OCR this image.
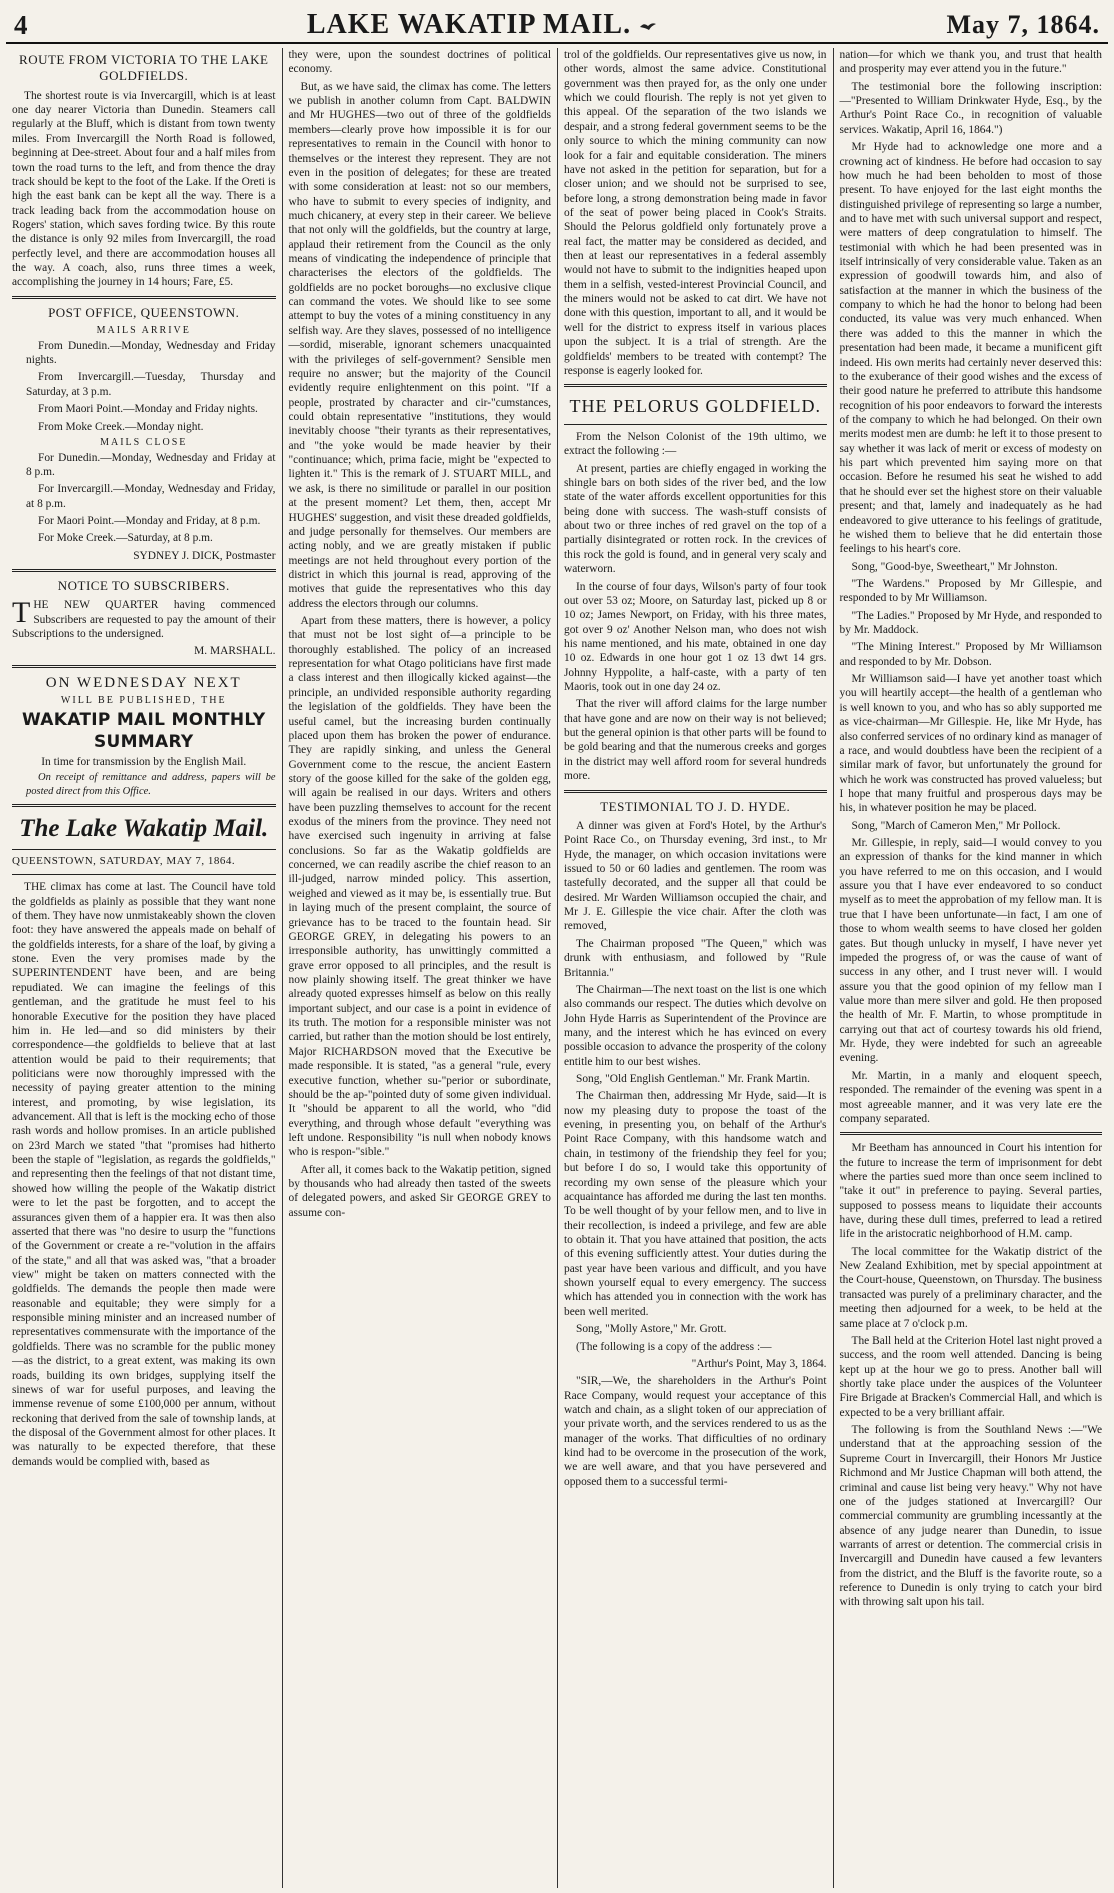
4	LAKE WAKATIP MAIL.	May 7, 1864.
ROUTE FROM VICTORIA TO THE LAKE GOLDFIELDS.

The shortest route is via Invercargill, which is at least one day nearer Victoria than Dunedin. Steamers call regularly at the Bluff, which is distant from town twenty miles. From Invercargill the North Road is followed, beginning at Dee-street. About four and a half miles from town the road turns to the left, and from thence the dray track should be kept to the foot of the Lake. If the Oreti is high the east bank can be kept all the way. There is a track leading back from the accommodation house on Rogers' station, which saves fording twice. By this route the distance is only 92 miles from Invercargill, the road perfectly level, and there are accommodation houses all the way. A coach, also, runs three times a week, accomplishing the journey in 14 hours; Fare, £5.

POST OFFICE, QUEENSTOWN.
MAILS ARRIVE

From Dunedin.—Monday, Wednesday and Friday nights.

From Invercargill.—Tuesday, Thursday and Saturday, at 3 p.m.

From Maori Point.—Monday and Friday nights.

From Moke Creek.—Monday night.

MAILS CLOSE

For Dunedin.—Monday, Wednesday and Friday at 8 p.m.

For Invercargill.—Monday, Wednesday and Friday, at 8 p.m.

For Maori Point.—Monday and Friday, at 8 p.m.

For Moke Creek.—Saturday, at 8 p.m.

SYDNEY J. DICK, Postmaster
NOTICE TO SUBSCRIBERS.

THE NEW QUARTER having commenced Subscribers are requested to pay the amount of their Subscriptions to the undersigned.

M. MARSHALL.
ON WEDNESDAY NEXT
WILL BE PUBLISHED, THE
WAKATIP MAIL MONTHLY SUMMARY
In time for transmission by the English Mail.

On receipt of remittance and address, papers will be posted direct from this Office.

The Lake Wakatip Mail.
QUEENSTOWN, SATURDAY, MAY 7, 1864.

THE climax has come at last. The Council have told the goldfields as plainly as possible that they want none of them. They have now unmistakeably shown the cloven foot: they have answered the appeals made on behalf of the goldfields interests, for a share of the loaf, by giving a stone. Even the very promises made by the SUPERINTENDENT have been, and are being repudiated. We can imagine the feelings of this gentleman, and the gratitude he must feel to his honorable Executive for the position they have placed him in. He led—and so did ministers by their correspondence—the goldfields to believe that at last attention would be paid to their requirements; that politicians were now thoroughly impressed with the necessity of paying greater attention to the mining interest, and promoting, by wise legislation, its advancement. All that is left is the mocking echo of those rash words and hollow promises. In an article published on 23rd March we stated "that "promises had hitherto been the staple of "legislation, as regards the goldfields," and representing then the feelings of that not distant time, showed how willing the people of the Wakatip district were to let the past be forgotten, and to accept the assurances given them of a happier era. It was then also asserted that there was "no desire to usurp the "functions of the Government or create a re-"volution in the affairs of the state," and all that was asked was, "that a broader view" might be taken on matters connected with the goldfields. The demands the people then made were reasonable and equitable; they were simply for a responsible mining minister and an increased number of representatives commensurate with the importance of the goldfields. There was no scramble for the public money—as the district, to a great extent, was making its own roads, building its own bridges, supplying itself the sinews of war for useful purposes, and leaving the immense revenue of some £100,000 per annum, without reckoning that derived from the sale of township lands, at the disposal of the Government almost for other places. It was naturally to be expected therefore, that these demands would be complied with, based as

they were, upon the soundest doctrines of political economy.

But, as we have said, the climax has come. The letters we publish in another column from Capt. BALDWIN and Mr HUGHES—two out of three of the goldfields members—clearly prove how impossible it is for our representatives to remain in the Council with honor to themselves or the interest they represent. They are not even in the position of delegates; for these are treated with some consideration at least: not so our members, who have to submit to every species of indignity, and much chicanery, at every step in their career. We believe that not only will the goldfields, but the country at large, applaud their retirement from the Council as the only means of vindicating the independence of principle that characterises the electors of the goldfields. The goldfields are no pocket boroughs—no exclusive clique can command the votes. We should like to see some attempt to buy the votes of a mining constituency in any selfish way. Are they slaves, possessed of no intelligence—sordid, miserable, ignorant schemers unacquainted with the privileges of self-government? Sensible men require no answer; but the majority of the Council evidently require enlightenment on this point. "If a people, prostrated by character and cir-"cumstances, could obtain representative "institutions, they would inevitably choose "their tyrants as their representatives, and "the yoke would be made heavier by their "continuance; which, prima facie, might be "expected to lighten it." This is the remark of J. STUART MILL, and we ask, is there no similitude or parallel in our position at the present moment? Let them, then, accept Mr HUGHES' suggestion, and visit these dreaded goldfields, and judge personally for themselves. Our members are acting nobly, and we are greatly mistaken if public meetings are not held throughout every portion of the district in which this journal is read, approving of the motives that guide the representatives who this day address the electors through our columns.

Apart from these matters, there is however, a policy that must not be lost sight of—a principle to be thoroughly established. The policy of an increased representation for what Otago politicians have first made a class interest and then illogically kicked against—the principle, an undivided responsible authority regarding the legislation of the goldfields. They have been the useful camel, but the increasing burden continually placed upon them has broken the power of endurance. They are rapidly sinking, and unless the General Government come to the rescue, the ancient Eastern story of the goose killed for the sake of the golden egg, will again be realised in our days. Writers and others have been puzzling themselves to account for the recent exodus of the miners from the province. They need not have exercised such ingenuity in arriving at false conclusions. So far as the Wakatip goldfields are concerned, we can readily ascribe the chief reason to an ill-judged, narrow minded policy. This assertion, weighed and viewed as it may be, is essentially true. But in laying much of the present complaint, the source of grievance has to be traced to the fountain head. Sir GEORGE GREY, in delegating his powers to an irresponsible authority, has unwittingly committed a grave error opposed to all principles, and the result is now plainly showing itself. The great thinker we have already quoted expresses himself as below on this really important subject, and our case is a point in evidence of its truth. The motion for a responsible minister was not carried, but rather than the motion should be lost entirely, Major RICHARDSON moved that the Executive be made responsible. It is stated, "as a general "rule, every executive function, whether su-"perior or subordinate, should be the ap-"pointed duty of some given individual. It "should be apparent to all the world, who "did everything, and through whose default "everything was left undone. Responsibility "is null when nobody knows who is respon-"sible."

After all, it comes back to the Wakatip petition, signed by thousands who had already then tasted of the sweets of delegated powers, and asked Sir GEORGE GREY to assume con-

trol of the goldfields. Our representatives give us now, in other words, almost the same advice. Constitutional government was then prayed for, as the only one under which we could flourish. The reply is not yet given to this appeal. Of the separation of the two islands we despair, and a strong federal government seems to be the only source to which the mining community can now look for a fair and equitable consideration. The miners have not asked in the petition for separation, but for a closer union; and we should not be surprised to see, before long, a strong demonstration being made in favor of the seat of power being placed in Cook's Straits. Should the Pelorus goldfield only fortunately prove a real fact, the matter may be considered as decided, and then at least our representatives in a federal assembly would not have to submit to the indignities heaped upon them in a selfish, vested-interest Provincial Council, and the miners would not be asked to cat dirt. We have not done with this question, important to all, and it would be well for the district to express itself in various places upon the subject. It is a trial of strength. Are the goldfields' members to be treated with contempt? The response is eagerly looked for.

THE PELORUS GOLDFIELD.

From the Nelson Colonist of the 19th ultimo, we extract the following :—

At present, parties are chiefly engaged in working the shingle bars on both sides of the river bed, and the low state of the water affords excellent opportunities for this being done with success. The wash-stuff consists of about two or three inches of red gravel on the top of a partially disintegrated or rotten rock. In the crevices of this rock the gold is found, and in general very scaly and waterworn.

In the course of four days, Wilson's party of four took out over 53 oz; Moore, on Saturday last, picked up 8 or 10 oz; James Newport, on Friday, with his three mates, got over 9 oz' Another Nelson man, who does not wish his name mentioned, and his mate, obtained in one day 10 oz. Edwards in one hour got 1 oz 13 dwt 14 grs. Johnny Hyppolite, a half-caste, with a party of ten Maoris, took out in one day 24 oz.

That the river will afford claims for the large number that have gone and are now on their way is not believed; but the general opinion is that other parts will be found to be gold bearing and that the numerous creeks and gorges in the district may well afford room for several hundreds more.

TESTIMONIAL TO J. D. HYDE.

A dinner was given at Ford's Hotel, by the Arthur's Point Race Co., on Thursday evening, 3rd inst., to Mr Hyde, the manager, on which occasion invitations were issued to 50 or 60 ladies and gentlemen. The room was tastefully decorated, and the supper all that could be desired. Mr Warden Williamson occupied the chair, and Mr J. E. Gillespie the vice chair. After the cloth was removed,

The Chairman proposed "The Queen," which was drunk with enthusiasm, and followed by "Rule Britannia."

The Chairman—The next toast on the list is one which also commands our respect. The duties which devolve on John Hyde Harris as Superintendent of the Province are many, and the interest which he has evinced on every possible occasion to advance the prosperity of the colony entitle him to our best wishes.

Song, "Old English Gentleman." Mr. Frank Martin.

The Chairman then, addressing Mr Hyde, said—It is now my pleasing duty to propose the toast of the evening, in presenting you, on behalf of the Arthur's Point Race Company, with this handsome watch and chain, in testimony of the friendship they feel for you; but before I do so, I would take this opportunity of recording my own sense of the pleasure which your acquaintance has afforded me during the last ten months. To be well thought of by your fellow men, and to live in their recollection, is indeed a privilege, and few are able to obtain it. That you have attained that position, the acts of this evening sufficiently attest. Your duties during the past year have been various and difficult, and you have shown yourself equal to every emergency. The success which has attended you in connection with the work has been well merited.

Song, "Molly Astore," Mr. Grott.

(The following is a copy of the address :—

"Arthur's Point, May 3, 1864.

"SIR,—We, the shareholders in the Arthur's Point Race Company, would request your acceptance of this watch and chain, as a slight token of our appreciation of your private worth, and the services rendered to us as the manager of the works. That difficulties of no ordinary kind had to be overcome in the prosecution of the work, we are well aware, and that you have persevered and opposed them to a successful termi-

nation—for which we thank you, and trust that health and prosperity may ever attend you in the future."

The testimonial bore the following inscription:—"Presented to William Drinkwater Hyde, Esq., by the Arthur's Point Race Co., in recognition of valuable services. Wakatip, April 16, 1864.")

Mr Hyde had to acknowledge one more and a crowning act of kindness. He before had occasion to say how much he had been beholden to most of those present. To have enjoyed for the last eight months the distinguished privilege of representing so large a number, and to have met with such universal support and respect, were matters of deep congratulation to himself. The testimonial with which he had been presented was in itself intrinsically of very considerable value. Taken as an expression of goodwill towards him, and also of satisfaction at the manner in which the business of the company to which he had the honor to belong had been conducted, its value was very much enhanced. When there was added to this the manner in which the presentation had been made, it became a munificent gift indeed. His own merits had certainly never deserved this: to the exuberance of their good wishes and the excess of their good nature he preferred to attribute this handsome recognition of his poor endeavors to forward the interests of the company to which he had belonged. On their own merits modest men are dumb: he left it to those present to say whether it was lack of merit or excess of modesty on his part which prevented him saying more on that occasion. Before he resumed his seat he wished to add that he should ever set the highest store on their valuable present; and that, lamely and inadequately as he had endeavored to give utterance to his feelings of gratitude, he wished them to believe that he did entertain those feelings to his heart's core.

Song, "Good-bye, Sweetheart," Mr Johnston.

"The Wardens." Proposed by Mr Gillespie, and responded to by Mr Williamson.

"The Ladies." Proposed by Mr Hyde, and responded to by Mr. Maddock.

"The Mining Interest." Proposed by Mr Williamson and responded to by Mr. Dobson.

Mr Williamson said—I have yet another toast which you will heartily accept—the health of a gentleman who is well known to you, and who has so ably supported me as vice-chairman—Mr Gillespie. He, like Mr Hyde, has also conferred services of no ordinary kind as manager of a race, and would doubtless have been the recipient of a similar mark of favor, but unfortunately the ground for which he work was constructed has proved valueless; but I hope that many fruitful and prosperous days may be his, in whatever position he may be placed.

Song, "March of Cameron Men," Mr Pollock.

Mr. Gillespie, in reply, said—I would convey to you an expression of thanks for the kind manner in which you have referred to me on this occasion, and I would assure you that I have ever endeavored to so conduct myself as to meet the approbation of my fellow man. It is true that I have been unfortunate—in fact, I am one of those to whom wealth seems to have closed her golden gates. But though unlucky in myself, I have never yet impeded the progress of, or was the cause of want of success in any other, and I trust never will. I would assure you that the good opinion of my fellow man I value more than mere silver and gold. He then proposed the health of Mr. F. Martin, to whose promptitude in carrying out that act of courtesy towards his old friend, Mr. Hyde, they were indebted for such an agreeable evening.

Mr. Martin, in a manly and eloquent speech, responded. The remainder of the evening was spent in a most agreeable manner, and it was very late ere the company separated.

Mr Beetham has announced in Court his intention for the future to increase the term of imprisonment for debt where the parties sued more than once seem inclined to "take it out" in preference to paying. Several parties, supposed to possess means to liquidate their accounts have, during these dull times, preferred to lead a retired life in the aristocratic neighborhood of H.M. camp.

The local committee for the Wakatip district of the New Zealand Exhibition, met by special appointment at the Court-house, Queenstown, on Thursday. The business transacted was purely of a preliminary character, and the meeting then adjourned for a week, to be held at the same place at 7 o'clock p.m.

The Ball held at the Criterion Hotel last night proved a success, and the room well attended. Dancing is being kept up at the hour we go to press. Another ball will shortly take place under the auspices of the Volunteer Fire Brigade at Bracken's Commercial Hall, and which is expected to be a very brilliant affair.

The following is from the Southland News :—"We understand that at the approaching session of the Supreme Court in Invercargill, their Honors Mr Justice Richmond and Mr Justice Chapman will both attend, the criminal and cause list being very heavy." Why not have one of the judges stationed at Invercargill? Our commercial community are grumbling incessantly at the absence of any judge nearer than Dunedin, to issue warrants of arrest or detention. The commercial crisis in Invercargill and Dunedin have caused a few levanters from the district, and the Bluff is the favorite route, so a reference to Dunedin is only trying to catch your bird with throwing salt upon his tail.
